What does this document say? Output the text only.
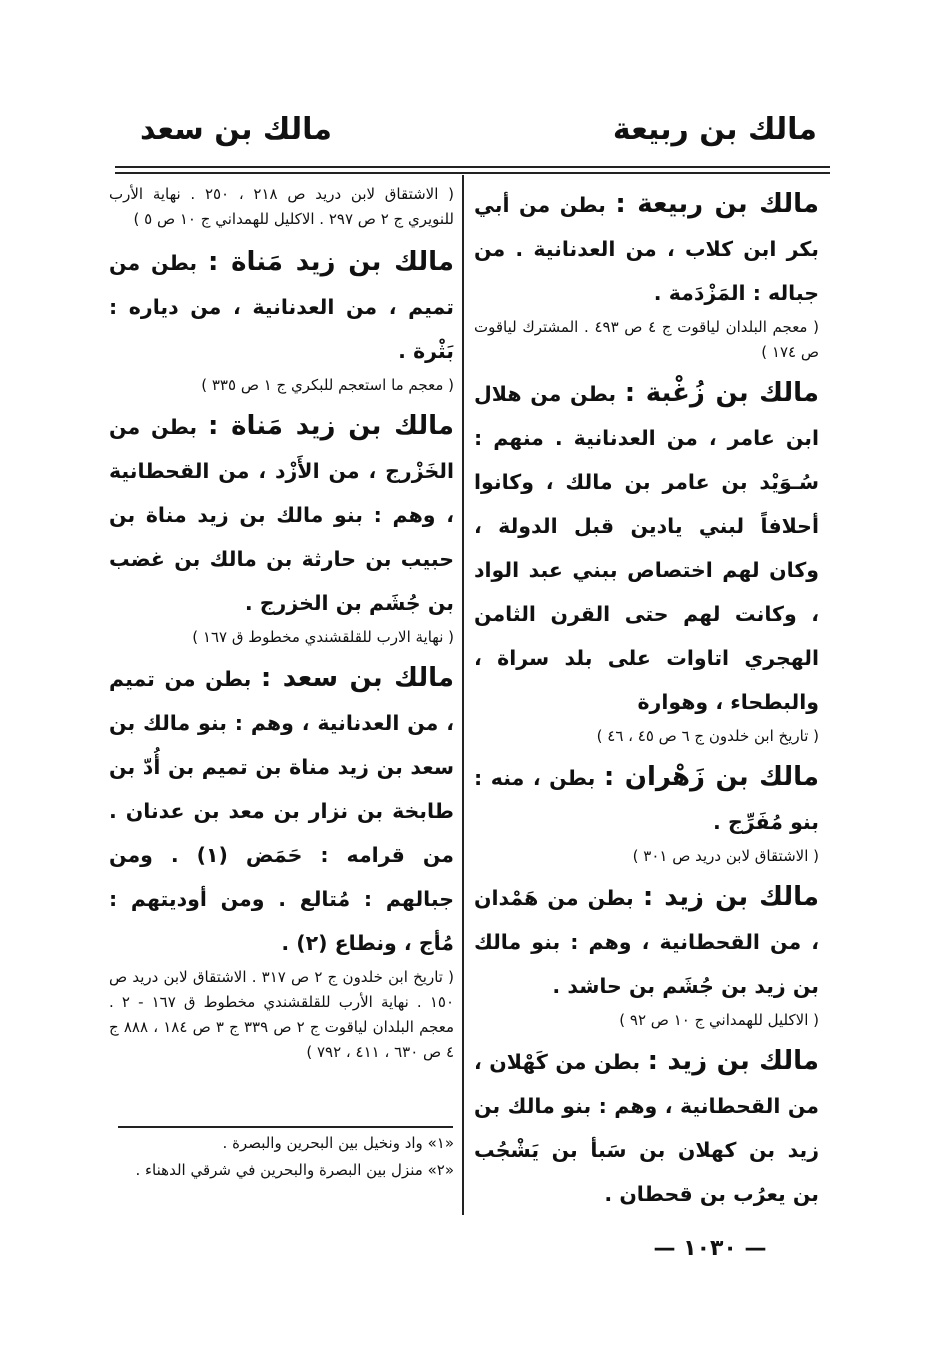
مالك بن ربيعة
مالك بن سعد
مالك بن ربيعة : بطن من أبي بكر ابن كلاب ، من العدنانية . من جباله : المَزْدَمة .
( معجم البلدان لياقوت ج ٤ ص ٤٩٣ . المشترك لياقوت ص ١٧٤ )
مالك بن زُغْبة : بطن من هلال ابن عامر ، من العدنانية . منهم : سُـوَيْد بن عامر بن مالك ، وكانوا أحلافاً لبني يادين قبل الدولة ، وكان لهم اختصاص ببني عبد الواد ، وكانت لهم حتى القرن الثامن الهجري اتاوات على بلد سراة ، والبطحاء ، وهوارة
( تاريخ ابن خلدون ج ٦ ص ٤٥ ، ٤٦ )
مالك بن زَهْران : بطن ، منه : بنو مُفَرِّج .
( الاشتقاق لابن دريد ص ٣٠١ )
مالك بن زيد : بطن من هَمْدان ، من القحطانية ، وهم : بنو مالك بن زيد بن جُشَم بن حاشد .
( الاكليل للهمداني ج ١٠ ص ٩٢ )
مالك بن زيد : بطن من كَهْلان ، من القحطانية ، وهم : بنو مالك بن زيد بن كهلان بن سَبأ بن يَشْجُب بن يعرُب بن قحطان .
( الاشتقاق لابن دريد ص ٢١٨ ، ٢٥٠ . نهاية الأرب للنويري ج ٢ ص ٢٩٧ . الاكليل للهمداني ج ١٠ ص ٥ )
مالك بن زيد مَناة : بطن من تميم ، من العدنانية ، من دياره : بَثْرة .
( معجم ما استعجم للبكري ج ١ ص ٣٣٥ )
مالك بن زيد مَناة : بطن من الخَزْرج ، من الأَزْد ، من القحطانية ، وهم : بنو مالك بن زيد مناة بن حبيب بن حارثة بن مالك بن غضب بن جُشَم بن الخزرج .
( نهاية الارب للقلقشندي مخطوط ق ١٦٧ )
مالك بن سعد : بطن من تميم ، من العدنانية ، وهم : بنو مالك بن سعد بن زيد مناة بن تميم بن أُدّ بن طابخة بن نزار بن معد بن عدنان . من قرامه : حَمَض (١) . ومن جبالهم : مُتالع . ومن أوديتهم : مُأج ، ونطاع (٢) .
( تاريخ ابن خلدون ج ٢ ص ٣١٧ . الاشتقاق لابن دريد ص ١٥٠ . نهاية الأرب للقلقشندي مخطوط ق ١٦٧ - ٢ . معجم البلدان لياقوت ج ٢ ص ٣٣٩ ج ٣ ص ١٨٤ ، ٨٨٨ ج ٤ ص ٦٣٠ ، ٤١١ ، ٧٩٢ )

«١» واد ونخيل بين البحرين والبصرة .

«٢» منزل بين البصرة والبحرين في شرقي الدهناء .

— ١٠٣٠ —
